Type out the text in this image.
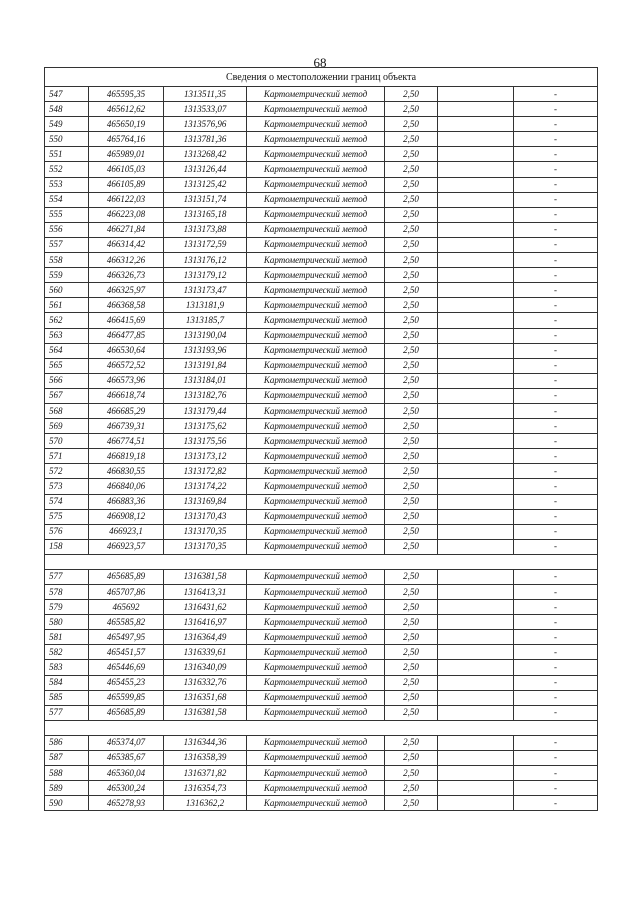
68
Сведения о местоположении границ объекта						
547	465595,35	1313511,35	Картометрический метод	2,50		-
548	465612,62	1313533,07	Картометрический метод	2,50		-
549	465650,19	1313576,96	Картометрический метод	2,50		-
550	465764,16	1313781,36	Картометрический метод	2,50		-
551	465989,01	1313268,42	Картометрический метод	2,50		-
552	466105,03	1313126,44	Картометрический метод	2,50		-
553	466105,89	1313125,42	Картометрический метод	2,50		-
554	466122,03	1313151,74	Картометрический метод	2,50		-
555	466223,08	1313165,18	Картометрический метод	2,50		-
556	466271,84	1313173,88	Картометрический метод	2,50		-
557	466314,42	1313172,59	Картометрический метод	2,50		-
558	466312,26	1313176,12	Картометрический метод	2,50		-
559	466326,73	1313179,12	Картометрический метод	2,50		-
560	466325,97	1313173,47	Картометрический метод	2,50		-
561	466368,58	1313181,9	Картометрический метод	2,50		-
562	466415,69	1313185,7	Картометрический метод	2,50		-
563	466477,85	1313190,04	Картометрический метод	2,50		-
564	466530,64	1313193,96	Картометрический метод	2,50		-
565	466572,52	1313191,84	Картометрический метод	2,50		-
566	466573,96	1313184,01	Картометрический метод	2,50		-
567	466618,74	1313182,76	Картометрический метод	2,50		-
568	466685,29	1313179,44	Картометрический метод	2,50		-
569	466739,31	1313175,62	Картометрический метод	2,50		-
570	466774,51	1313175,56	Картометрический метод	2,50		-
571	466819,18	1313173,12	Картометрический метод	2,50		-
572	466830,55	1313172,82	Картометрический метод	2,50		-
573	466840,06	1313174,22	Картометрический метод	2,50		-
574	466883,36	1313169,84	Картометрический метод	2,50		-
575	466908,12	1313170,43	Картометрический метод	2,50		-
576	466923,1	1313170,35	Картометрический метод	2,50		-
158	466923,57	1313170,35	Картометрический метод	2,50		-

577	465685,89	1316381,58	Картометрический метод	2,50		-
578	465707,86	1316413,31	Картометрический метод	2,50		-
579	465692	1316431,62	Картометрический метод	2,50		-
580	465585,82	1316416,97	Картометрический метод	2,50		-
581	465497,95	1316364,49	Картометрический метод	2,50		-
582	465451,57	1316339,61	Картометрический метод	2,50		-
583	465446,69	1316340,09	Картометрический метод	2,50		-
584	465455,23	1316332,76	Картометрический метод	2,50		-
585	465599,85	1316351,68	Картометрический метод	2,50		-
577	465685,89	1316381,58	Картометрический метод	2,50		-

586	465374,07	1316344,36	Картометрический метод	2,50		-
587	465385,67	1316358,39	Картометрический метод	2,50		-
588	465360,04	1316371,82	Картометрический метод	2,50		-
589	465300,24	1316354,73	Картометрический метод	2,50		-
590	465278,93	1316362,2	Картометрический метод	2,50		-
